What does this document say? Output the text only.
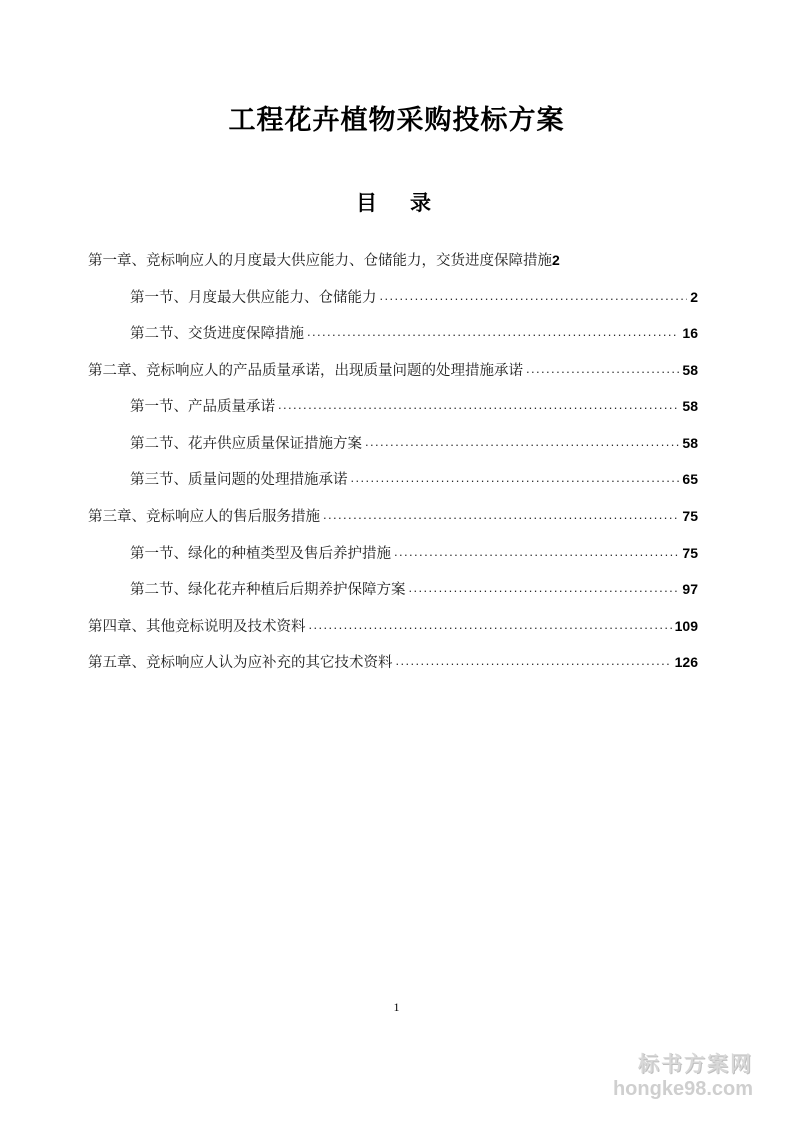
工程花卉植物采购投标方案
目　录
第一章、竞标响应人的月度最大供应能力、仓储能力，交货进度保障措施 2
第一节、月度最大供应能力、仓储能力 .....	2
第二节、交货进度保障措施 .....	16
第二章、竞标响应人的产品质量承诺，出现质量问题的处理措施承诺 .....	58
第一节、产品质量承诺 .....	58
第二节、花卉供应质量保证措施方案 .....	58
第三节、质量问题的处理措施承诺 .....	65
第三章、竞标响应人的售后服务措施 .....	75
第一节、绿化的种植类型及售后养护措施 .....	75
第二节、绿化花卉种植后后期养护保障方案 .....	97
第四章、其他竞标说明及技术资料 .....	109
第五章、竞标响应人认为应补充的其它技术资料 .....	126
1
标书方案网
hongke98.com
